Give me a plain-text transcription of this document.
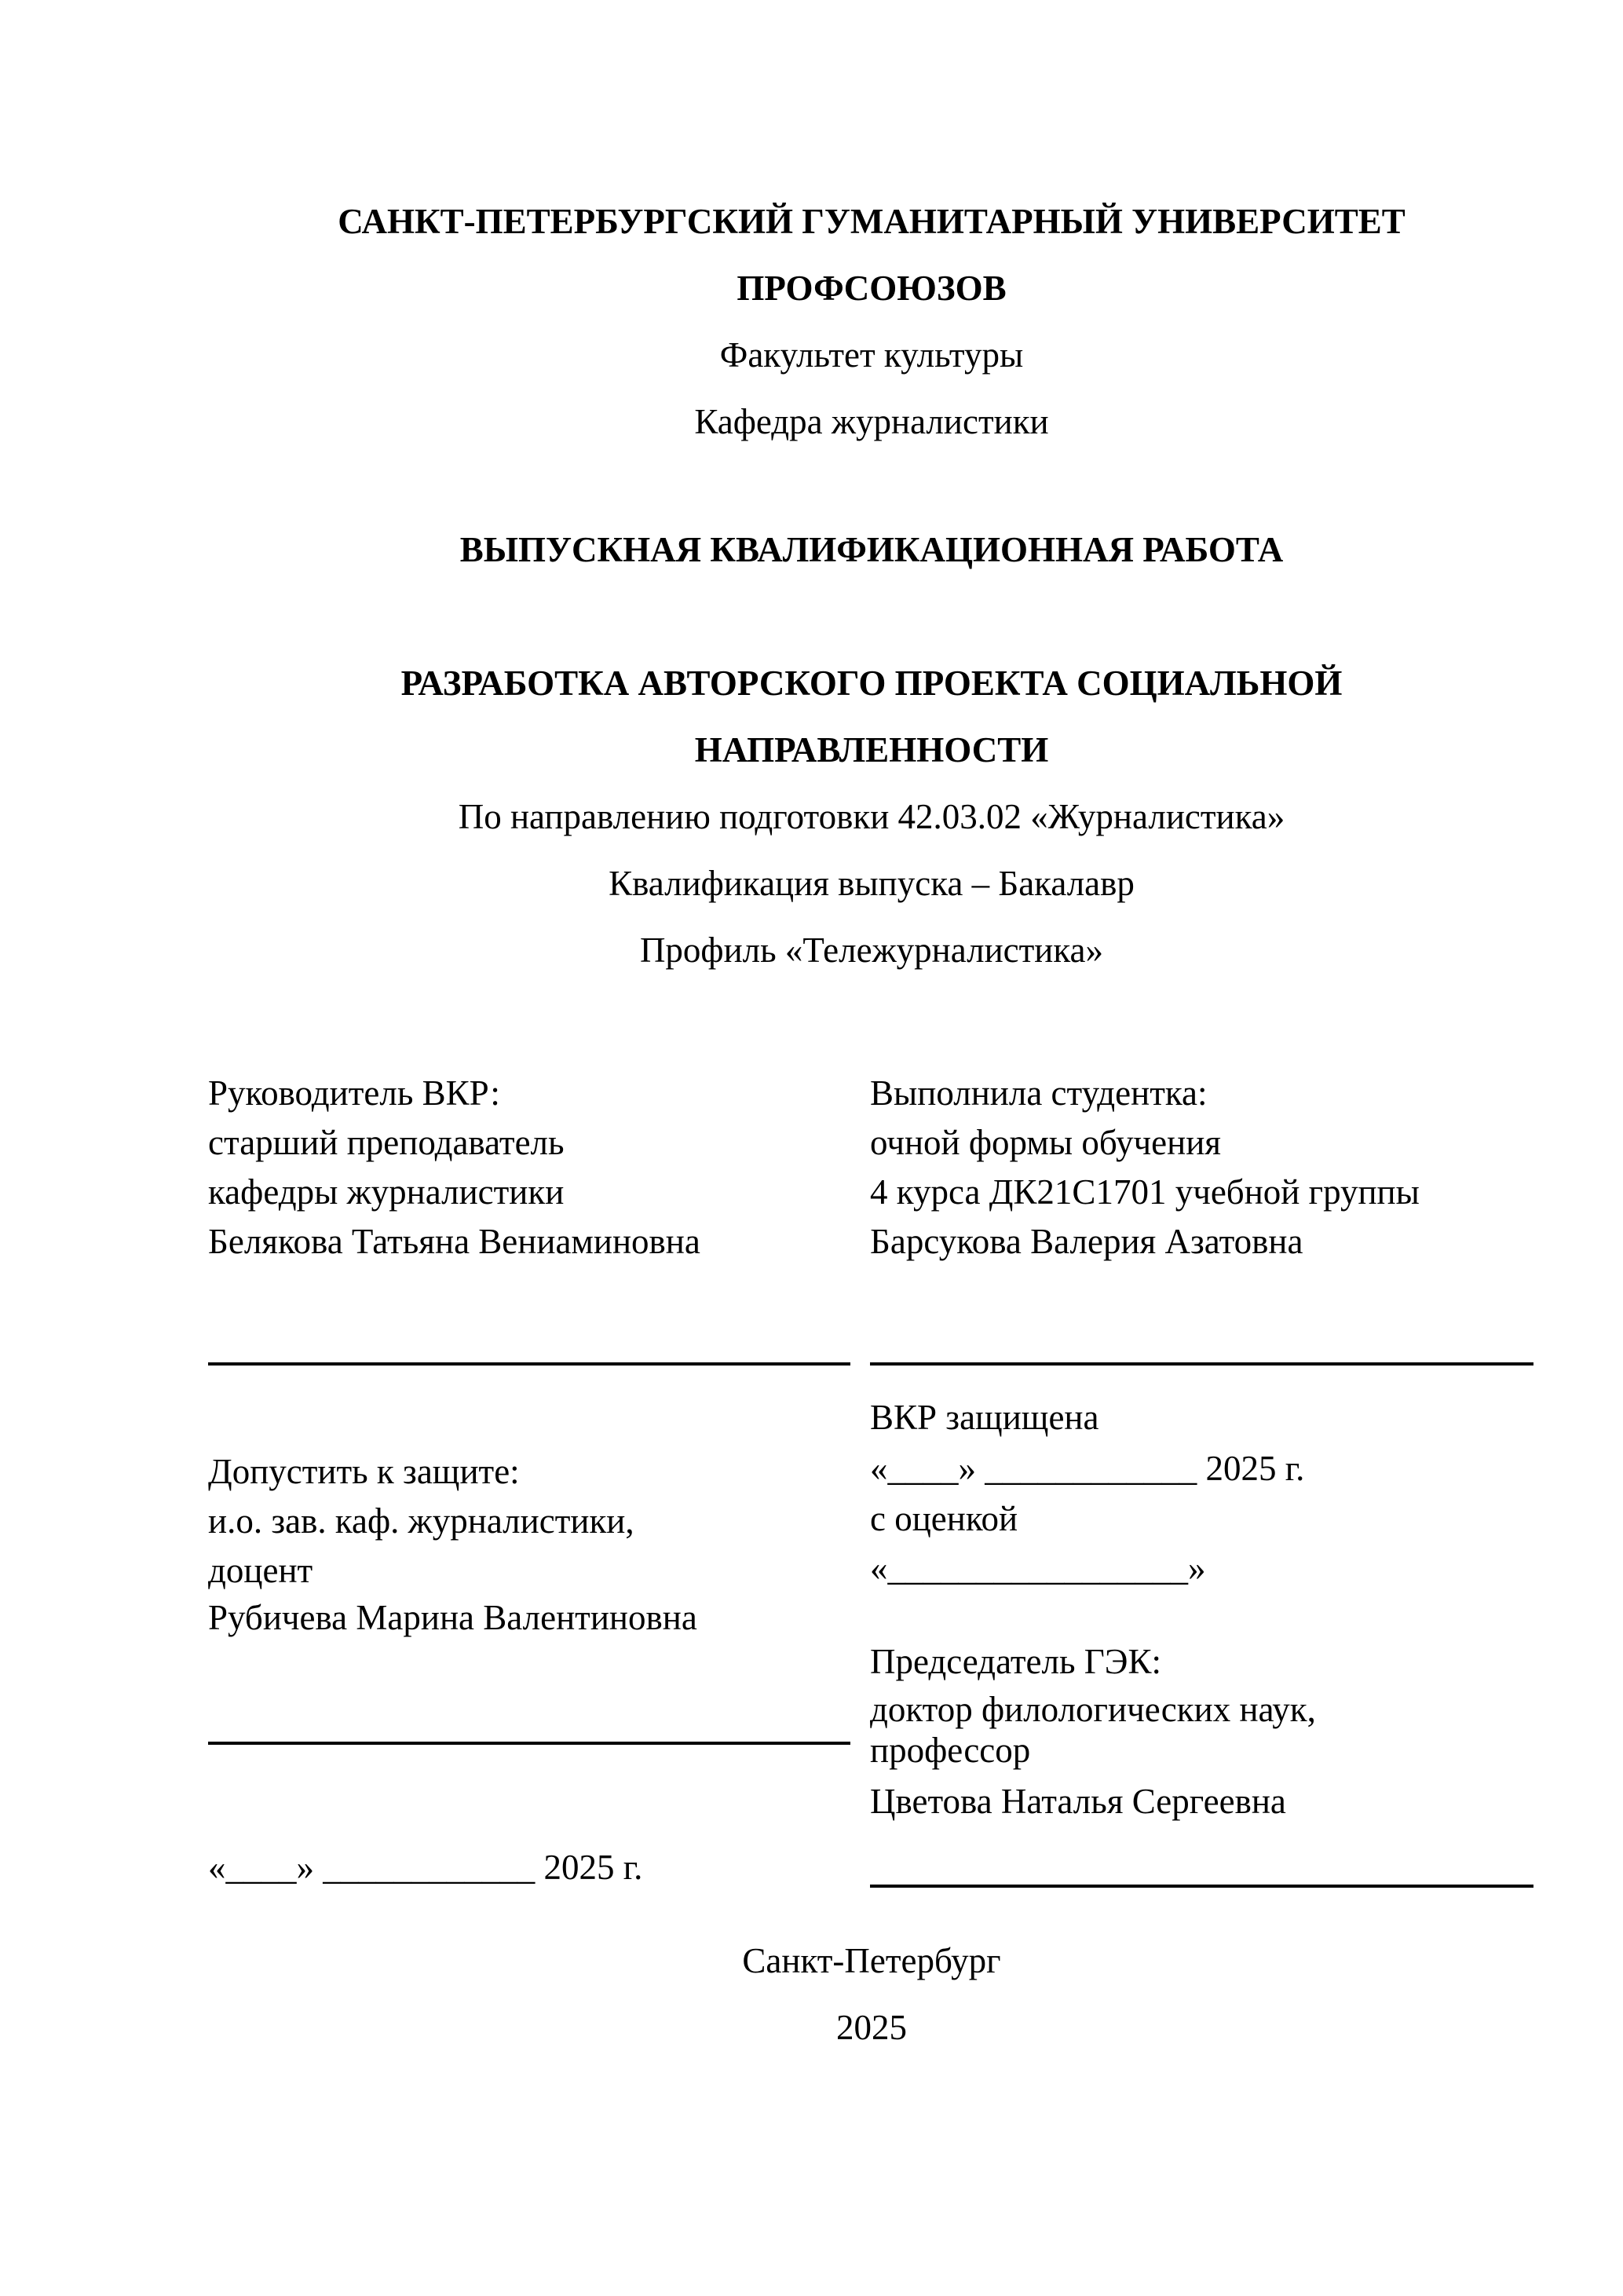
САНКТ-ПЕТЕРБУРГСКИЙ ГУМАНИТАРНЫЙ УНИВЕРСИТЕТ
ПРОФСОЮЗОВ
Факультет культуры
Кафедра журналистики
ВЫПУСКНАЯ КВАЛИФИКАЦИОННАЯ РАБОТА

РАЗРАБОТКА АВТОРСКОГО ПРОЕКТА СОЦИАЛЬНОЙ
НАПРАВЛЕННОСТИ
По направлению подготовки 42.03.02 «Журналистика»
Квалификация выпуска – Бакалавр
Профиль «Тележурналистика»
Руководитель ВКР:
старший преподаватель
кафедры журналистики
Белякова Татьяна Вениаминовна
Выполнила студентка:
очной формы обучения
4 курса ДК21С1701 учебной группы
Барсукова Валерия Азатовна
Допустить к защите:
и.о. зав. каф. журналистики,
доцент
Рубичева Марина Валентиновна
«____» ____________ 2025 г.
ВКР защищена
«____» ____________ 2025 г.
с оценкой
«_________________»
Председатель ГЭК:
доктор филологических наук,
профессор
Цветова Наталья Сергеевна
Санкт-Петербург
2025
